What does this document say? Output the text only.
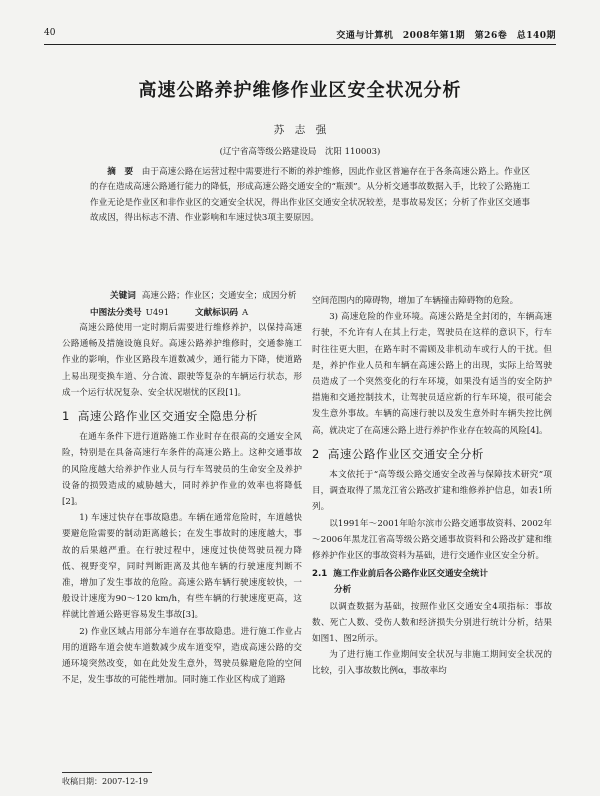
40	交通与计算机　2008年第1期　第26卷　总140期
高速公路养护维修作业区安全状况分析
苏　志　强
(辽宁省高等级公路建设局　沈阳 110003)

摘　要　 由于高速公路在运营过程中需要进行不断的养护维修，因此作业区普遍存在于各条高速公路上。作业区的存在造成高速公路通行能力的降低，形成高速公路交通安全的“瓶颈”。从分析交通事故数据入手，比较了公路施工作业无论是作业区和非作业区的交通安全状况，得出作业区交通安全状况较差，是事故易发区；分析了作业区交通事故成因，得出标志不清、作业影响和车速过快3项主要原因。

关键词 高速公路；作业区；交通安全；成因分析
中图法分类号 U491　　　	文献标识码 A

高速公路使用一定时期后需要进行维修养护，以保持高速公路通畅及措施设施良好。高速公路养护维修时，交通参施工作业的影响，作业区路段车道数减少，通行能力下降，使道路上易出现变换车道、分合流、跟驶等复杂的车辆运行状态，形成一个运行状况复杂、安全状况堪忧的区段[1]。

1 高速公路作业区交通安全隐患分析

在通车条件下进行道路施工作业时存在很高的交通安全风险，特别是在具备高速行车条件的高速公路上。这种交通事故的风险度越大给养护作业人员与行车驾驶员的生命安全及养护设备的损毁造成的威胁越大，同时养护作业的效率也将降低[2]。

1) 车速过快存在事故隐患。车辆在通常危险时，车道越快要避危险需要的制动距离越长；在发生事故时的速度越大，事故的后果越严重。在行驶过程中，速度过快使驾驶员视力降低、视野变窄，同时判断距离及其他车辆的行驶速度判断不准，增加了发生事故的危险。高速公路车辆行驶速度较快，一般设计速度为90～120 km/h，有些车辆的行驶速度更高，这样就比普通公路更容易发生事故[3]。

2) 作业区域占用部分车道存在事故隐患。进行施工作业占用的道路车道会使车道数减少成车道变窄，造成高速公路的交通环境突然改变，如在此处发生意外，驾驶员躲避危险的空间不足，发生事故的可能性增加。同时施工作业区构成了道路

空间范围内的障碍物，增加了车辆撞击障碍物的危险。

3) 高速危险的作业环境。高速公路是全封闭的，车辆高速行驶，不允许有人在其上行走，驾驶员在这样的意识下，行车时往往更大胆，在路车时不需顾及非机动车或行人的干扰。但是，养护作业人员和车辆在高速公路上的出现，实际上给驾驶员造成了一个突然变化的行车环境，如果没有适当的安全防护措施和交通控制技术，让驾驶员适应新的行车环境，很可能会发生意外事故。车辆的高速行驶以及发生意外时车辆失控比例高，就决定了在高速公路上进行养护作业存在较高的风险[4]。

2 高速公路作业区交通安全分析

本文依托于“高等级公路交通安全改善与保障技术研究”项目，调查取得了黑龙江省公路改扩建和维修养护信息，如表1所列。

以1991年～2001年哈尔滨市公路交通事故资料、2002年～2006年黑龙江省高等级公路交通事故资料和公路改扩建和维修养护作业区的事故资料为基础，进行交通作业区安全分析。

2.1 施工作业前后各公路作业区交通安全统计
分析

以调查数据为基础，按照作业区交通安全4项指标：事故数、死亡人数、受伤人数和经济损失分别进行统计分析，结果如图1、图2所示。

为了进行施工作业期间安全状况与非施工期间安全状况的比较，引入事故数比例α，事故率均

收稿日期：2007-12-19
